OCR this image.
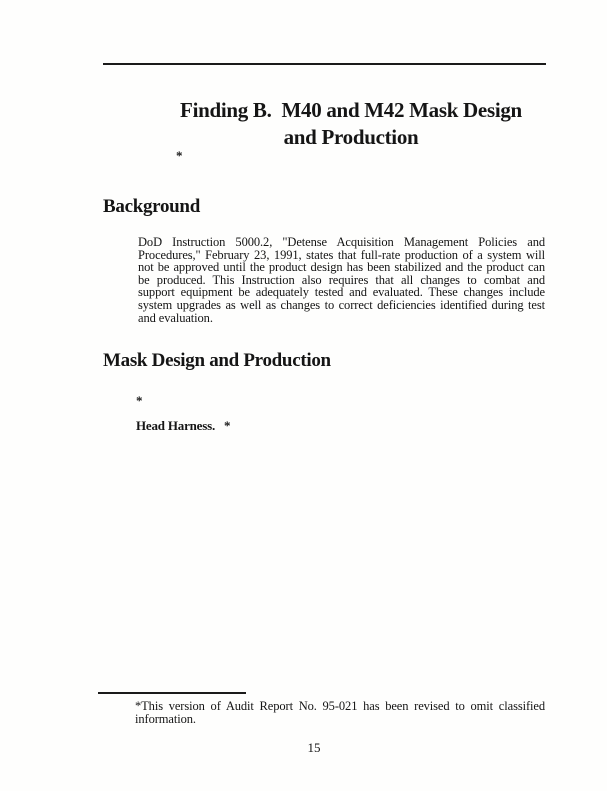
Finding B.  M40 and M42 Mask Design
and Production
*
Background
DoD Instruction 5000.2, "Detense Acquisition Management Policies and
Procedures," February 23, 1991, states that full-rate production of a system will
not be approved until the product design has been stabilized and the product can
be produced. This Instruction also requires that all changes to combat and
support equipment be adequately tested and evaluated. These changes include
system upgrades as well as changes to correct deficiencies identified during test
and evaluation.
Mask Design and Production
*
Head Harness. *
*This version of Audit Report No. 95-021 has been revised to omit classified
information.
15
